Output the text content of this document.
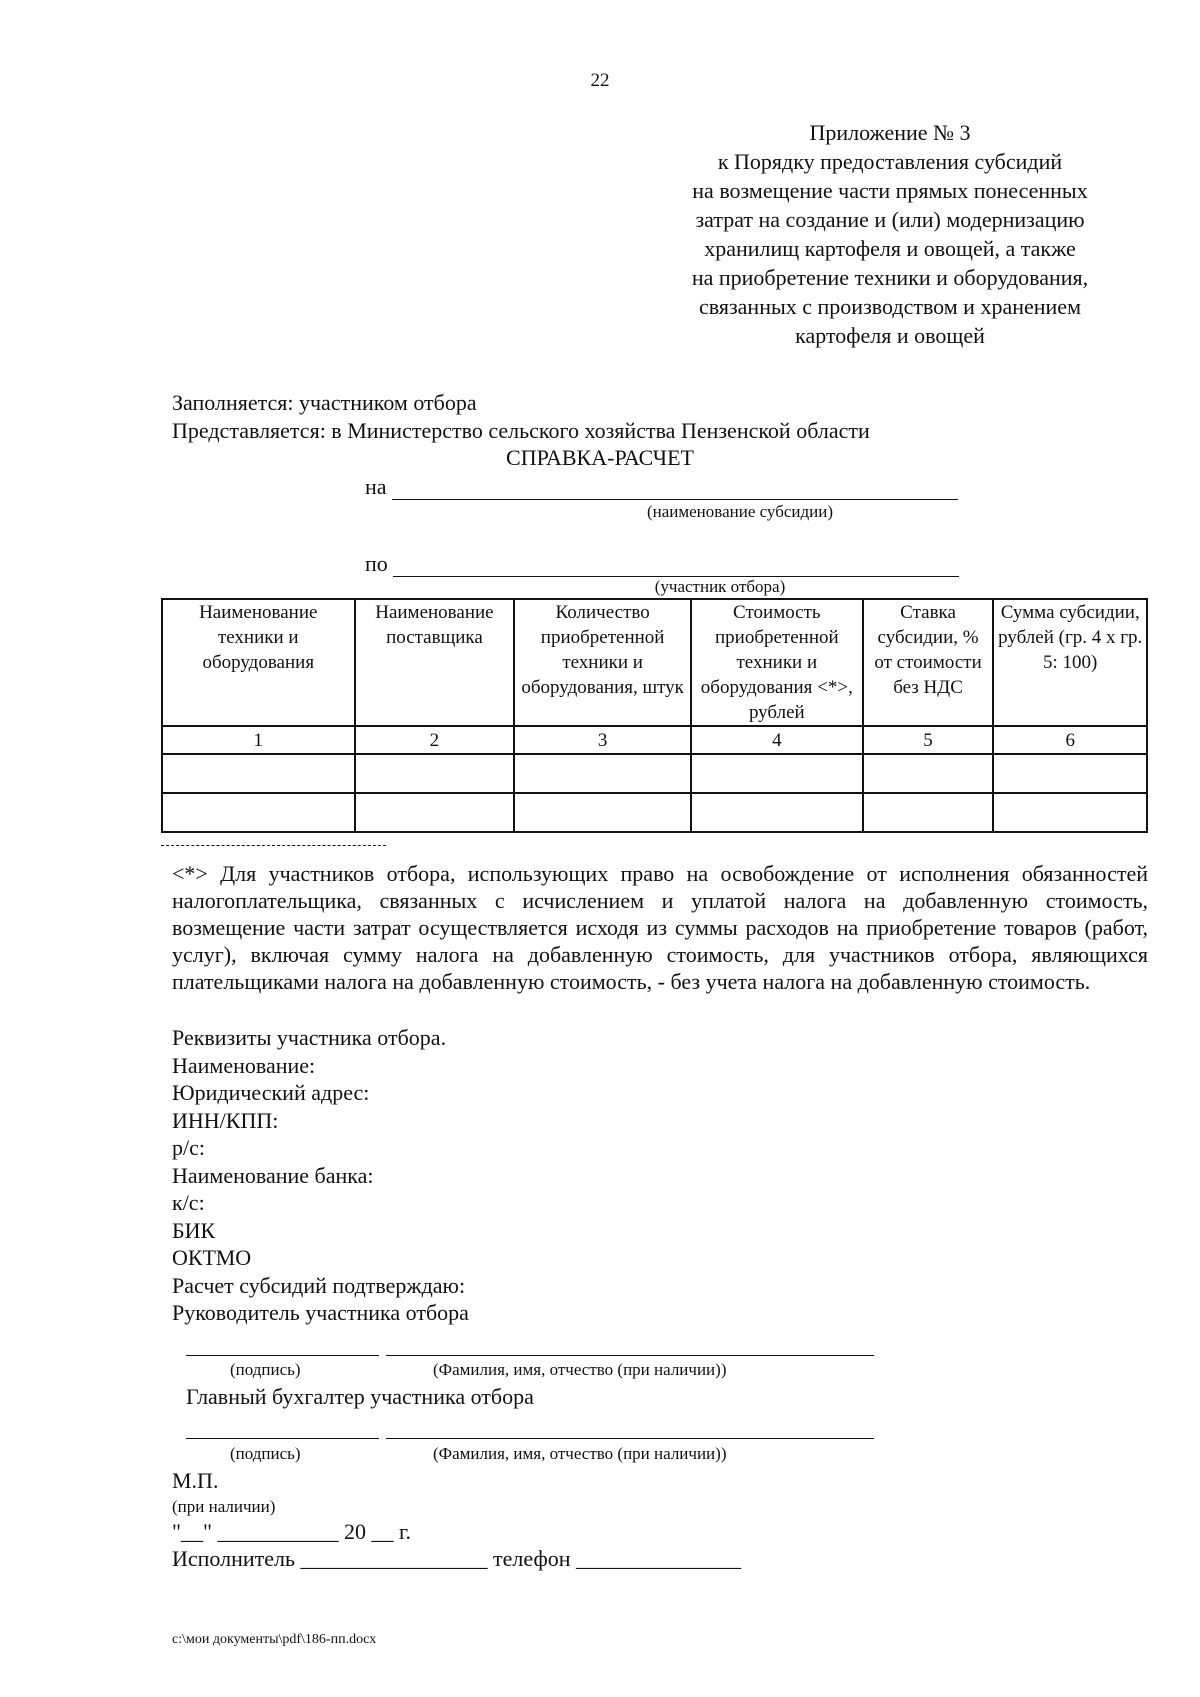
22
Приложение № 3
к Порядку предоставления субсидий
на возмещение части прямых понесенных
затрат на создание и (или) модернизацию
хранилищ картофеля и овощей, а также
на приобретение техники и оборудования,
связанных с производством и хранением
картофеля и овощей
Заполняется: участником отбора
Представляется: в Министерство сельского хозяйства Пензенской области
СПРАВКА-РАСЧЕТ
на
(наименование субсидии)
по
(участник отбора)
Наименование техники и оборудования	Наименование поставщика	Количество приобретенной техники и оборудования, штук	Стоимость приобретенной техники и оборудования <*>, рублей	Ставка субсидии, % от стоимости без НДС	Сумма субсидии, рублей (гр. 4 x гр. 5: 100)
1	2	3	4	5	6

<*> Для участников отбора, использующих право на освобождение от исполнения обязанностей налогоплательщика, связанных с исчислением и уплатой налога на добавленную стоимость, возмещение части затрат осуществляется исходя из суммы расходов на приобретение товаров (работ, услуг), включая сумму налога на добавленную стоимость, для участников отбора, являющихся плательщиками налога на добавленную стоимость, - без учета налога на добавленную стоимость.
Реквизиты участника отбора.
Наименование:
Юридический адрес:
ИНН/КПП:
р/с:
Наименование банка:
к/с:
БИК
ОКТМО
Расчет субсидий подтверждаю:
Руководитель участника отбора
(подпись)	(Фамилия, имя, отчество (при наличии))
Главный бухгалтер участника отбора
(подпись)	(Фамилия, имя, отчество (при наличии))
М.П.
(при наличии)
"__" ___________ 20 __ г.
Исполнитель _________________ телефон _______________
c:\мои документы\pdf\186-пп.docx
